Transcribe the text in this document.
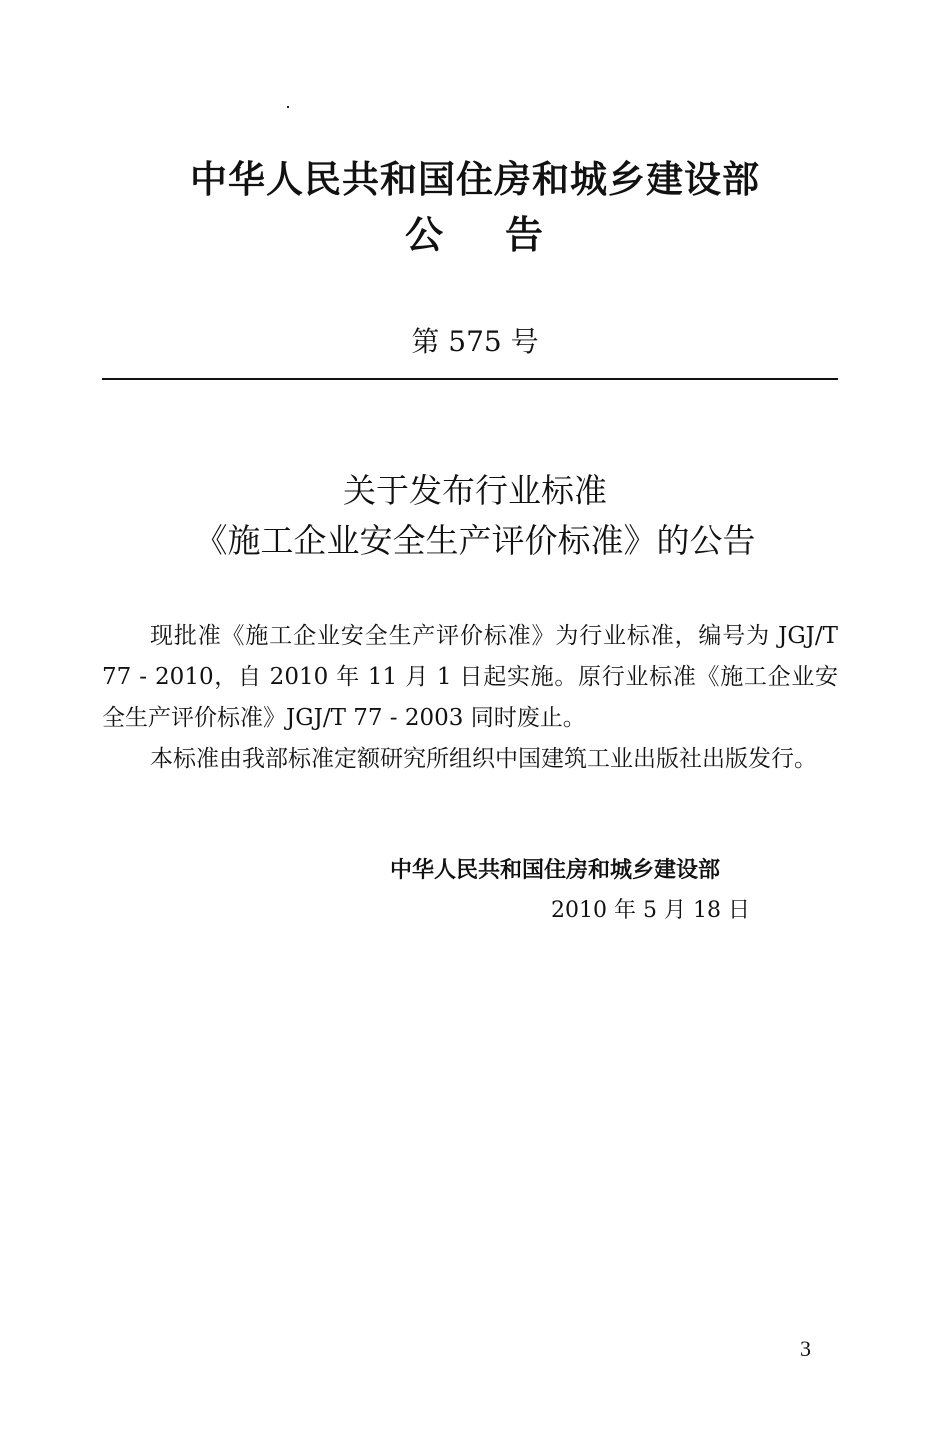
中华人民共和国住房和城乡建设部
公 告
第 575 号
关于发布行业标准
《施工企业安全生产评价标准》的公告
现批准《施工企业安全生产评价标准》为行业标准，编号为 JGJ/T 77 - 2010，自 2010 年 11 月 1 日起实施。原行业标准《施工企业安全生产评价标准》JGJ/T 77 - 2003 同时废止。
本标准由我部标准定额研究所组织中国建筑工业出版社出版发行。
中华人民共和国住房和城乡建设部
2010 年 5 月 18 日
3
